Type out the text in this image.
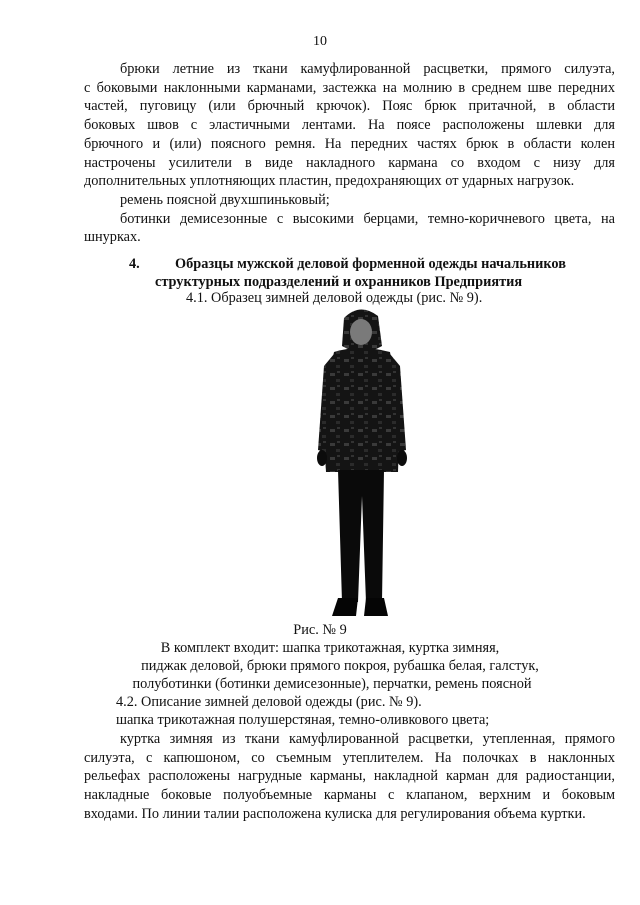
10
брюки летние из ткани камуфлированной расцветки, прямого силуэта,
с боковыми наклонными карманами, застежка на молнию в среднем шве передних
частей, пуговицу (или брючный крючок). Пояс брюк притачной, в области
боковых швов с эластичными лентами. На поясе расположены шлевки для
брючного и (или) поясного ремня. На передних частях брюк в области колен
настрочены усилители в виде накладного кармана со входом с низу для
дополнительных уплотняющих пластин, предохраняющих от ударных нагрузок.
ремень поясной двухшпиньковый;
ботинки демисезонные с высокими берцами, темно-коричневого цвета, на
шнурках.
4. Образцы мужской деловой форменной одежды начальников
структурных подразделений и охранников Предприятия
4.1. Образец зимней деловой одежды (рис. № 9).
Рис. № 9
В комплект входит: шапка трикотажная, куртка зимняя,
пиджак деловой, брюки прямого покроя, рубашка белая, галстук,
полуботинки (ботинки демисезонные), перчатки, ремень поясной
4.2. Описание зимней деловой одежды (рис. № 9).
шапка трикотажная полушерстяная, темно-оливкового цвета;
куртка зимняя из ткани камуфлированной расцветки, утепленная, прямого
силуэта, с капюшоном, со съемным утеплителем. На полочках в наклонных
рельефах расположены нагрудные карманы, накладной карман для радиостанции,
накладные боковые полуобъемные карманы с клапаном, верхним и боковым
входами. По линии талии расположена кулиска для регулирования объема куртки.
